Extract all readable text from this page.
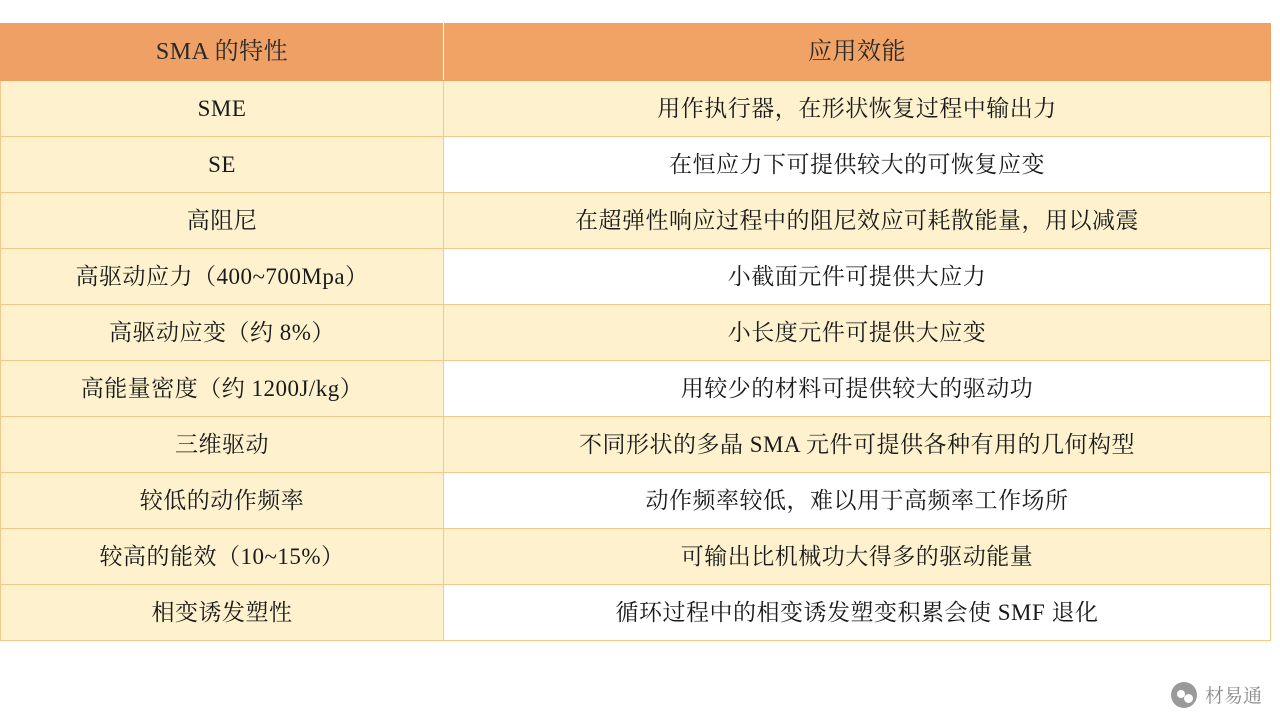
SMA 的特性	应用效能
SME	用作执行器，在形状恢复过程中输出力
SE	在恒应力下可提供较大的可恢复应变
高阻尼	在超弹性响应过程中的阻尼效应可耗散能量，用以减震
高驱动应力（400~700Mpa）	小截面元件可提供大应力
高驱动应变（约 8%）	小长度元件可提供大应变
高能量密度（约 1200J/kg）	用较少的材料可提供较大的驱动功
三维驱动	不同形状的多晶 SMA 元件可提供各种有用的几何构型
较低的动作频率	动作频率较低，难以用于高频率工作场所
较高的能效（10~15%）	可输出比机械功大得多的驱动能量
相变诱发塑性	循环过程中的相变诱发塑变积累会使 SMF 退化
材易通
